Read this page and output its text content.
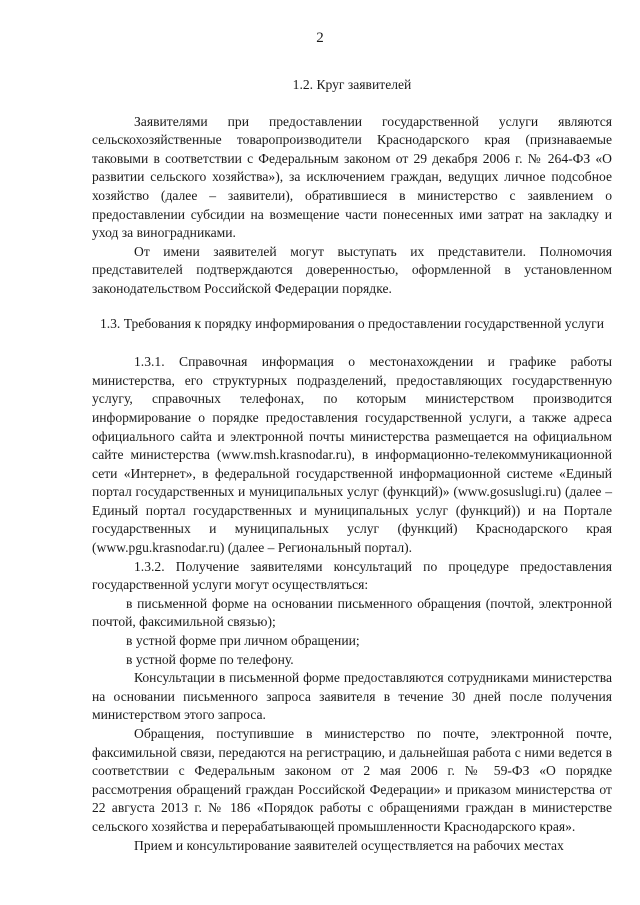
2
1.2. Круг заявителей

Заявителями при предоставлении государственной услуги являются сельскохозяйственные товаропроизводители Краснодарского края (признаваемые таковыми в соответствии с Федеральным законом от 29 декабря 2006 г. № 264-ФЗ «О развитии сельского хозяйства»), за исключением граждан, ведущих личное подсобное хозяйство (далее – заявители), обратившиеся в министерство с заявлением о предоставлении субсидии на возмещение части понесенных ими затрат на закладку и уход за виноградниками.

От имени заявителей могут выступать их представители. Полномочия представителей подтверждаются доверенностью, оформленной в установленном законодательством Российской Федерации порядке.

1.3. Требования к порядку информирования о предоставлении государственной услуги

1.3.1. Справочная информация о местонахождении и графике работы министерства, его структурных подразделений, предоставляющих государственную услугу, справочных телефонах, по которым министерством производится информирование о порядке предоставления государственной услуги, а также адреса официального сайта и электронной почты министерства размещается на официальном сайте министерства (www.msh.krasnodar.ru), в информационно-телекоммуникационной сети «Интернет», в федеральной государственной информационной системе «Единый портал государственных и муниципальных услуг (функций)» (www.gosuslugi.ru) (далее – Единый портал государственных и муниципальных услуг (функций)) и на Портале государственных и муниципальных услуг (функций) Краснодарского края (www.pgu.krasnodar.ru) (далее – Региональный портал).

1.3.2. Получение заявителями консультаций по процедуре предоставления государственной услуги могут осуществляться:

в письменной форме на основании письменного обращения (почтой, электронной почтой, факсимильной связью);

в устной форме при личном обращении;

в устной форме по телефону.

Консультации в письменной форме предоставляются сотрудниками министерства на основании письменного запроса заявителя в течение 30 дней после получения министерством этого запроса.

Обращения, поступившие в министерство по почте, электронной почте, факсимильной связи, передаются на регистрацию, и дальнейшая работа с ними ведется в соответствии с Федеральным законом от 2 мая 2006 г. № 59-ФЗ «О порядке рассмотрения обращений граждан Российской Федерации» и приказом министерства от 22 августа 2013 г. № 186 «Порядок работы с обращениями граждан в министерстве сельского хозяйства и перерабатывающей промышленности Краснодарского края».

Прием и консультирование заявителей осуществляется на рабочих местах
